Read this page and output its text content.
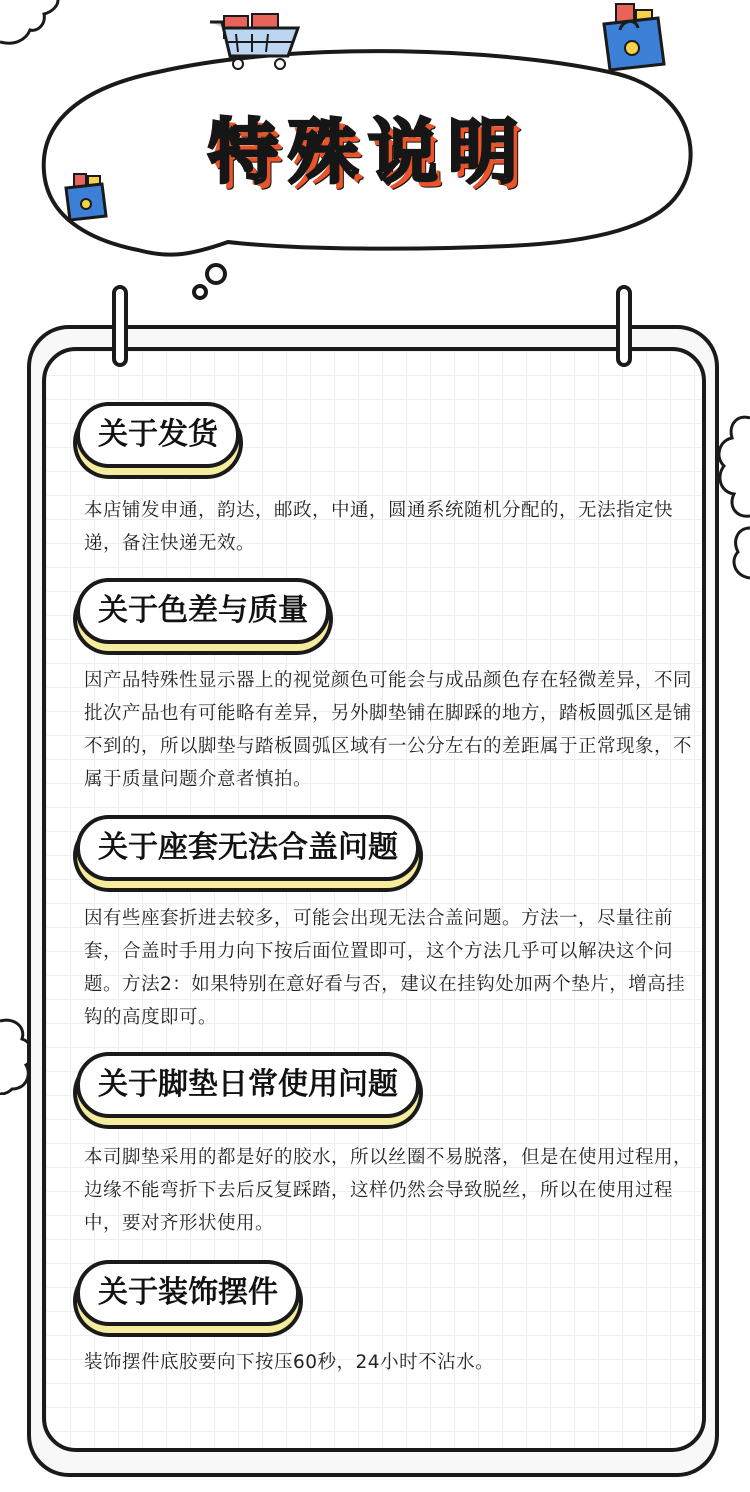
特殊说明
关于发货
本店铺发申通，韵达，邮政，中通，圆通系统随机分配的，无法指定快递，备注快递无效。
关于色差与质量
因产品特殊性显示器上的视觉颜色可能会与成品颜色存在轻微差异，不同批次产品也有可能略有差异，另外脚垫铺在脚踩的地方，踏板圆弧区是铺不到的，所以脚垫与踏板圆弧区域有一公分左右的差距属于正常现象，不属于质量问题介意者慎拍。
关于座套无法合盖问题
因有些座套折进去较多，可能会出现无法合盖问题。方法一，尽量往前套，合盖时手用力向下按后面位置即可，这个方法几乎可以解决这个问题。方法2：如果特别在意好看与否，建议在挂钩处加两个垫片，增高挂钩的高度即可。
关于脚垫日常使用问题
本司脚垫采用的都是好的胶水，所以丝圈不易脱落，但是在使用过程用，边缘不能弯折下去后反复踩踏，这样仍然会导致脱丝，所以在使用过程中，要对齐形状使用。
关于装饰摆件
装饰摆件底胶要向下按压60秒，24小时不沾水。
